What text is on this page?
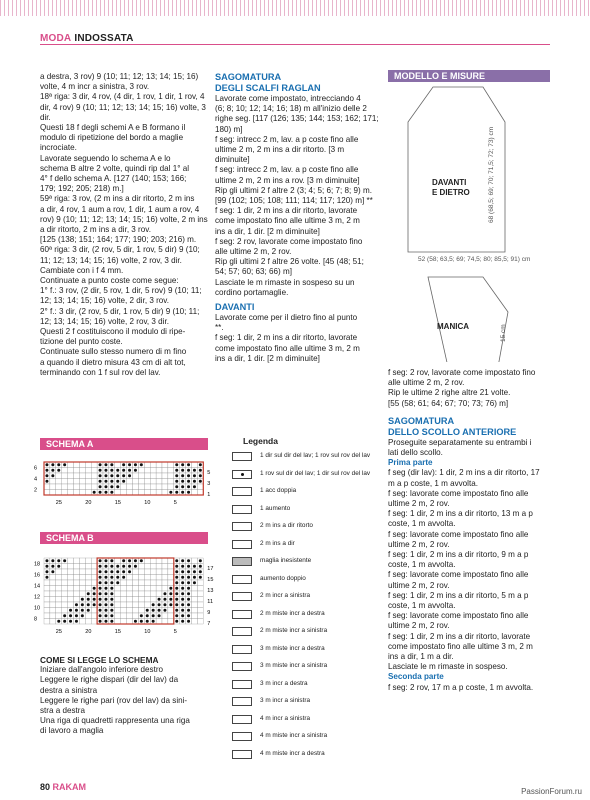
MODA INDOSSATA

a destra, 3 rov) 9 (10; 11; 12; 13; 14; 15; 16)

volte, 4 m incr a sinistra, 3 rov.

18ª riga: 3 dir, 4 rov, (4 dir, 1 rov, 1 dir, 1 rov, 4

dir, 4 rov) 9 (10; 11; 12; 13; 14; 15; 16) volte, 3 dir.

Questi 18 f degli schemi A e B formano il

modulo di ripetizione del bordo a maglie

incrociate.

Lavorate seguendo lo schema A e lo

schema B altre 2 volte, quindi rip dal 1° al

4° f dello schema A. [127 (140; 153; 166;

179; 192; 205; 218) m.]

59ª riga: 3 rov, (2 m ins a dir ritorto, 2 m ins

a dir, 4 rov, 1 aum a rov, 1 dir, 1 aum a rov, 4

rov) 9 (10; 11; 12; 13; 14; 15; 16) volte, 2 m ins

a dir ritorto, 2 m ins a dir, 3 rov.

[125 (138; 151; 164; 177; 190; 203; 216) m.

60ª riga: 3 dir, (2 rov, 5 dir, 1 rov, 5 dir) 9 (10;

11; 12; 13; 14; 15; 16) volte, 2 rov, 3 dir.

Cambiate con i f 4 mm.

Continuate a punto coste come segue:

1° f.: 3 rov, (2 dir, 5 rov, 1 dir, 5 rov) 9 (10; 11;

12; 13; 14; 15; 16) volte, 2 dir, 3 rov.

2° f.: 3 dir, (2 rov, 5 dir, 1 rov, 5 dir) 9 (10; 11;

12; 13; 14; 15; 16) volte, 2 rov, 3 dir.

Questi 2 f costituiscono il modulo di ripe-

tizione del punto coste.

Continuate sullo stesso numero di m fino

a quando il dietro misura 43 cm di alt tot,

terminando con 1 f sul rov del lav.

SAGOMATURA

DEGLI SCALFI RAGLAN

Lavorate come impostato, intrecciando 4

(6; 8; 10; 12; 14; 16; 18) m all'inizio delle 2

righe seg. [117 (126; 135; 144; 153; 162; 171;

180) m]

f seg: intrecc 2 m, lav. a p coste fino alle

ultime 2 m, 2 m ins a dir ritorto. [3 m

diminuite]

f seg: intrecc 2 m, lav. a p coste fino alle

ultime 2 m, 2 m ins a rov. [3 m diminuite]

Rip gli ultimi 2 f altre 2 (3; 4; 5; 6; 7; 8; 9) m.

[99 (102; 105; 108; 111; 114; 117; 120) m] **

f seg: 1 dir, 2 m ins a dir ritorto, lavorate

come impostato fino alle ultime 3 m, 2 m

ins a dir, 1 dir. [2 m diminuite]

f seg: 2 rov, lavorate come impostato fino

alle ultime 2 m, 2 rov.

Rip gli ultimi 2 f altre 26 volte. [45 (48; 51;

54; 57; 60; 63; 66) m]

Lasciate le m rimaste in sospeso su un

cordino portamaglie.

DAVANTI

Lavorate come per il dietro fino al punto

**.

f seg: 1 dir, 2 m ins a dir ritorto, lavorate

come impostato fino alle ultime 3 m, 2 m

ins a dir, 1 dir. [2 m diminuite]

MODELLO E MISURE
DAVANTI
E DIETRO	68 (68,5; 69; 70; 71,5; 72; 73) cm
52 (58; 63,5; 69; 74,5; 80; 85,5; 91) cm
MANICA	15 cm

f seg: 2 rov, lavorate come impostato fino

alle ultime 2 m, 2 rov.

Rip le ultime 2 righe altre 21 volte.

[55 (58; 61; 64; 67; 70; 73; 76) m]

SAGOMATURA

DELLO SCOLLO ANTERIORE

Proseguite separatamente su entrambi i

lati dello scollo.

Prima parte

f seg (dir lav): 1 dir, 2 m ins a dir ritorto, 17

m a p coste, 1 m avvolta.

f seg: lavorate come impostato fino alle

ultime 2 m, 2 rov.

f seg: 1 dir, 2 m ins a dir ritorto, 13 m a p

coste, 1 m avvolta.

f seg: lavorate come impostato fino alle

ultime 2 m, 2 rov.

f seg: 1 dir, 2 m ins a dir ritorto, 9 m a p

coste, 1 m avvolta.

f seg: lavorate come impostato fino alle

ultime 2 m, 2 rov.

f seg: 1 dir, 2 m ins a dir ritorto, 5 m a p

coste, 1 m avvolta.

f seg: lavorate come impostato fino alle

ultime 2 m, 2 rov.

f seg: 1 dir, 2 m ins a dir ritorto, lavorate

come impostato fino alle ultime 3 m, 2 m

ins a dir, 1 m a dir.

Lasciate le m rimaste in sospeso.

Seconda parte

f seg: 2 rov, 17 m a p coste, 1 m avvolta.

SCHEMA A
6
4
2
5
3
1
25	20	15	10	5
SCHEMA B
18
16
14
12
10
8
17
15
13
11
9
7
25	20	15	10	5
Legenda
1 dir sul dir del lav; 1 rov sul rov del lav
1 rov sul dir del lav; 1 dir sul rov del lav
1 acc doppia
1 aumento
2 m ins a dir ritorto
2 m ins a dir
maglia inesistente
aumento doppio
2 m incr a sinistra
2 m miste incr a destra
2 m miste incr a sinistra
3 m miste incr a destra
3 m miste incr a sinistra
3 m incr a destra
3 m incr a sinistra
4 m incr a sinistra
4 m miste incr a sinistra
4 m miste incr a destra

COME SI LEGGE LO SCHEMA

Iniziare dall'angolo inferiore destro

Leggere le righe dispari (dir del lav) da

destra a sinistra

Leggere le righe pari (rov del lav) da sini-

stra a destra

Una riga di quadretti rappresenta una riga

di lavoro a maglia

80 RAKAM	PassionForum.ru
